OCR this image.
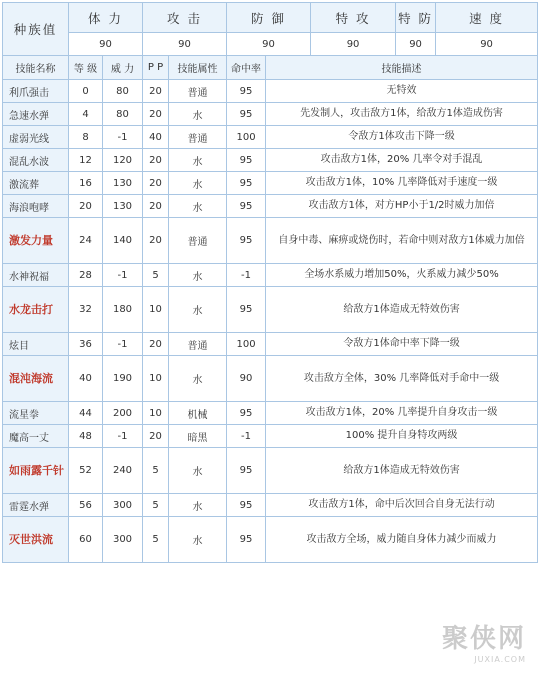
种族值	体 力		攻 击		防 御		特 攻	特 防	速 度
	90		90		90		90	90	90
技能名称	等 级	威 力	P P	技能属性	命中率	技能描述			
利爪强击	0	80	20	普通	95	无特效			
急速水弹	4	80	20	水	95	先发制人，攻击敌方1体，给敌方1体造成伤害			
虚弱光线	8	-1	40	普通	100	令敌方1体攻击下降一级			
混乱水波	12	120	20	水	95	攻击敌方1体，20% 几率令对手混乱			
激流葬	16	130	20	水	95	攻击敌方1体，10% 几率降低对手速度一级			
海浪咆哮	20	130	20	水	95	攻击敌方1体，对方HP小于1/2时威力加倍			
激发力量	24	140	20	普通	95	自身中毒、麻痹或烧伤时，若命中则对敌方1体威力加倍			
水神祝福	28	-1	5	水	-1	全场水系威力增加50%，火系威力减少50%			
水龙击打	32	180	10	水	95	给敌方1体造成无特效伤害			
炫目	36	-1	20	普通	100	令敌方1体命中率下降一级			
混沌海流	40	190	10	水	90	攻击敌方全体，30% 几率降低对手命中一级			
流星拳	44	200	10	机械	95	攻击敌方1体，20% 几率提升自身攻击一级			
魔高一丈	48	-1	20	暗黑	-1	100% 提升自身特攻两级			
如雨露千针	52	240	5	水	95	给敌方1体造成无特效伤害			
雷霆水弹	56	300	5	水	95	攻击敌方1体，命中后次回合自身无法行动			
灭世洪流	60	300	5	水	95	攻击敌方全场，威力随自身体力减少而威力			
聚侠网
JUXIA.COM
